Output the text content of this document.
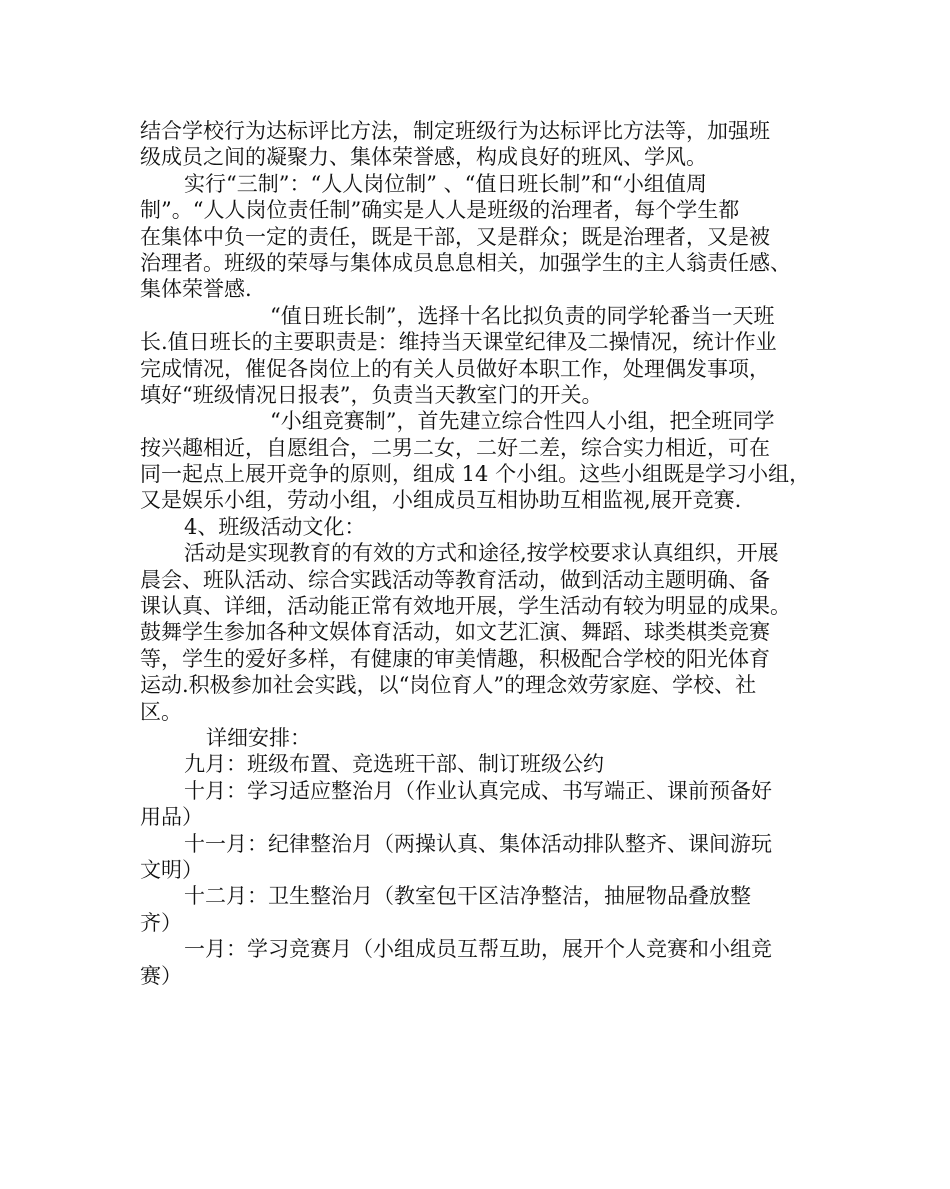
结合学校行为达标评比方法，制定班级行为达标评比方法等，加强班
级成员之间的凝聚力、集体荣誉感，构成良好的班风、学风。
实行“三制”：“人人岗位制” 、“值日班长制”和“小组值周
制”。“人人岗位责任制”确实是人人是班级的治理者，每个学生都
在集体中负一定的责任，既是干部，又是群众；既是治理者，又是被
治理者。班级的荣辱与集体成员息息相关，加强学生的主人翁责任感、
集体荣誉感.
“值日班长制”，选择十名比拟负责的同学轮番当一天班
长.值日班长的主要职责是：维持当天课堂纪律及二操情况，统计作业
完成情况，催促各岗位上的有关人员做好本职工作，处理偶发事项，
填好“班级情况日报表”，负责当天教室门的开关。
“小组竞赛制”，首先建立综合性四人小组，把全班同学
按兴趣相近，自愿组合，二男二女，二好二差，综合实力相近，可在
同一起点上展开竞争的原则，组成 14 个小组。这些小组既是学习小组，
又是娱乐小组，劳动小组，小组成员互相协助互相监视,展开竞赛.
4、班级活动文化：
活动是实现教育的有效的方式和途径,按学校要求认真组织，开展
晨会、班队活动、综合实践活动等教育活动，做到活动主题明确、备
课认真、详细，活动能正常有效地开展，学生活动有较为明显的成果。
鼓舞学生参加各种文娱体育活动，如文艺汇演、舞蹈、球类棋类竞赛
等，学生的爱好多样，有健康的审美情趣，积极配合学校的阳光体育
运动.积极参加社会实践，以“岗位育人”的理念效劳家庭、学校、社
区。
详细安排：
九月：班级布置、竞选班干部、制订班级公约
十月：学习适应整治月（作业认真完成、书写端正、课前预备好
用品）
十一月：纪律整治月（两操认真、集体活动排队整齐、课间游玩
文明）
十二月：卫生整治月（教室包干区洁净整洁，抽屉物品叠放整
齐）
一月：学习竞赛月（小组成员互帮互助，展开个人竞赛和小组竞
赛）
